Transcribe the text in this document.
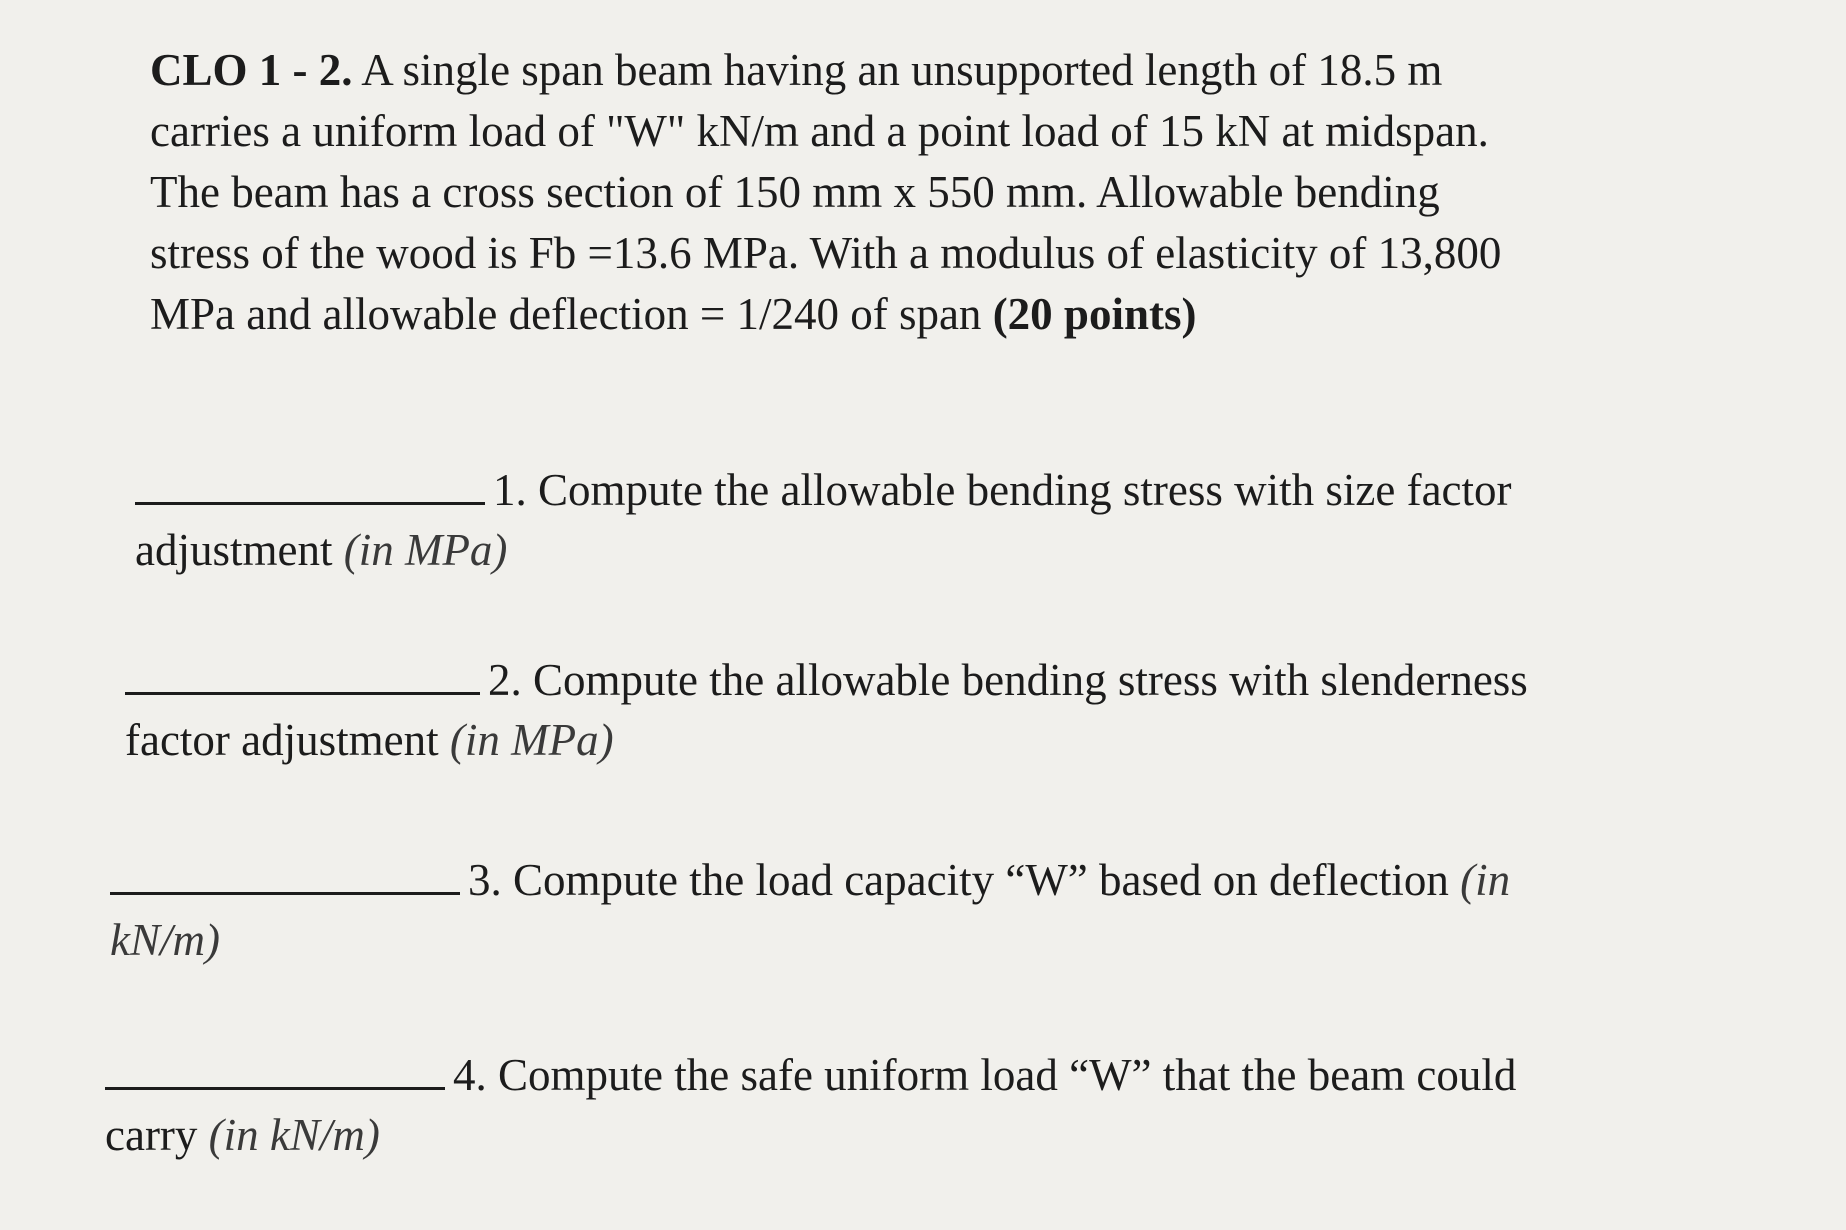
CLO 1 - 2. A single span beam having an unsupported length of 18.5 m
carries a uniform load of "W" kN/m and a point load of 15 kN at midspan.
The beam has a cross section of 150 mm x 550 mm. Allowable bending
stress of the wood is Fb =13.6 MPa. With a modulus of elasticity of 13,800
MPa and allowable deflection = 1/240 of span (20 points)
1. Compute the allowable bending stress with size factor
adjustment (in MPa)
2. Compute the allowable bending stress with slenderness
factor adjustment (in MPa)
3. Compute the load capacity “W” based on deflection (in
kN/m)
4. Compute the safe uniform load “W” that the beam could
carry (in kN/m)
